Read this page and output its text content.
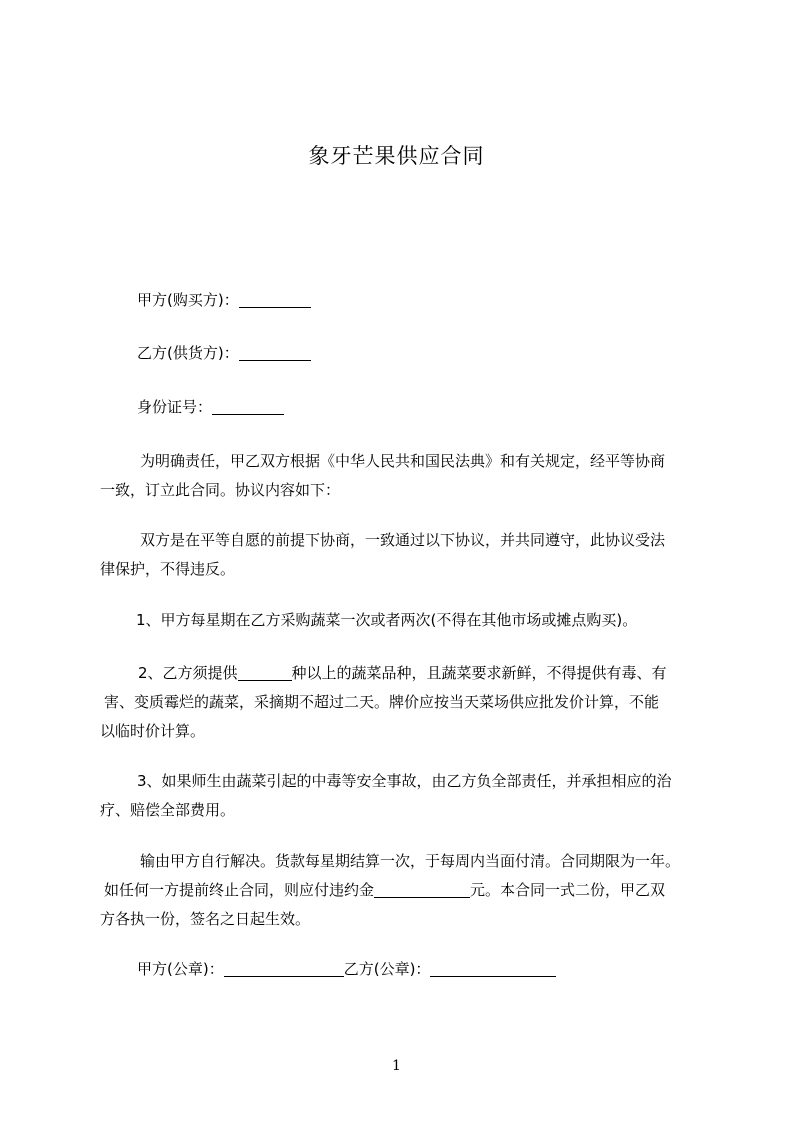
象牙芒果供应合同
甲方(购买方)：
乙方(供货方)：
身份证号：
为明确责任，甲乙双方根据《中华人民共和国民法典》和有关规定，经平等协商
一致，订立此合同。协议内容如下：
双方是在平等自愿的前提下协商，一致通过以下协议，并共同遵守，此协议受法
律保护，不得违反。
1、甲方每星期在乙方采购蔬菜一次或者两次(不得在其他市场或摊点购买)。
2、乙方须提供	种以上的蔬菜品种，且蔬菜要求新鲜，不得提供有毒、有
害、变质霉烂的蔬菜，采摘期不超过二天。牌价应按当天菜场供应批发价计算，不能
以临时价计算。
3、如果师生由蔬菜引起的中毒等安全事故，由乙方负全部责任，并承担相应的治
疗、赔偿全部费用。
输由甲方自行解决。货款每星期结算一次，于每周内当面付清。合同期限为一年。
如任何一方提前终止合同，则应付违约金	元。本合同一式二份，甲乙双
方各执一份，签名之日起生效。
甲方(公章)：	乙方(公章)：
1
